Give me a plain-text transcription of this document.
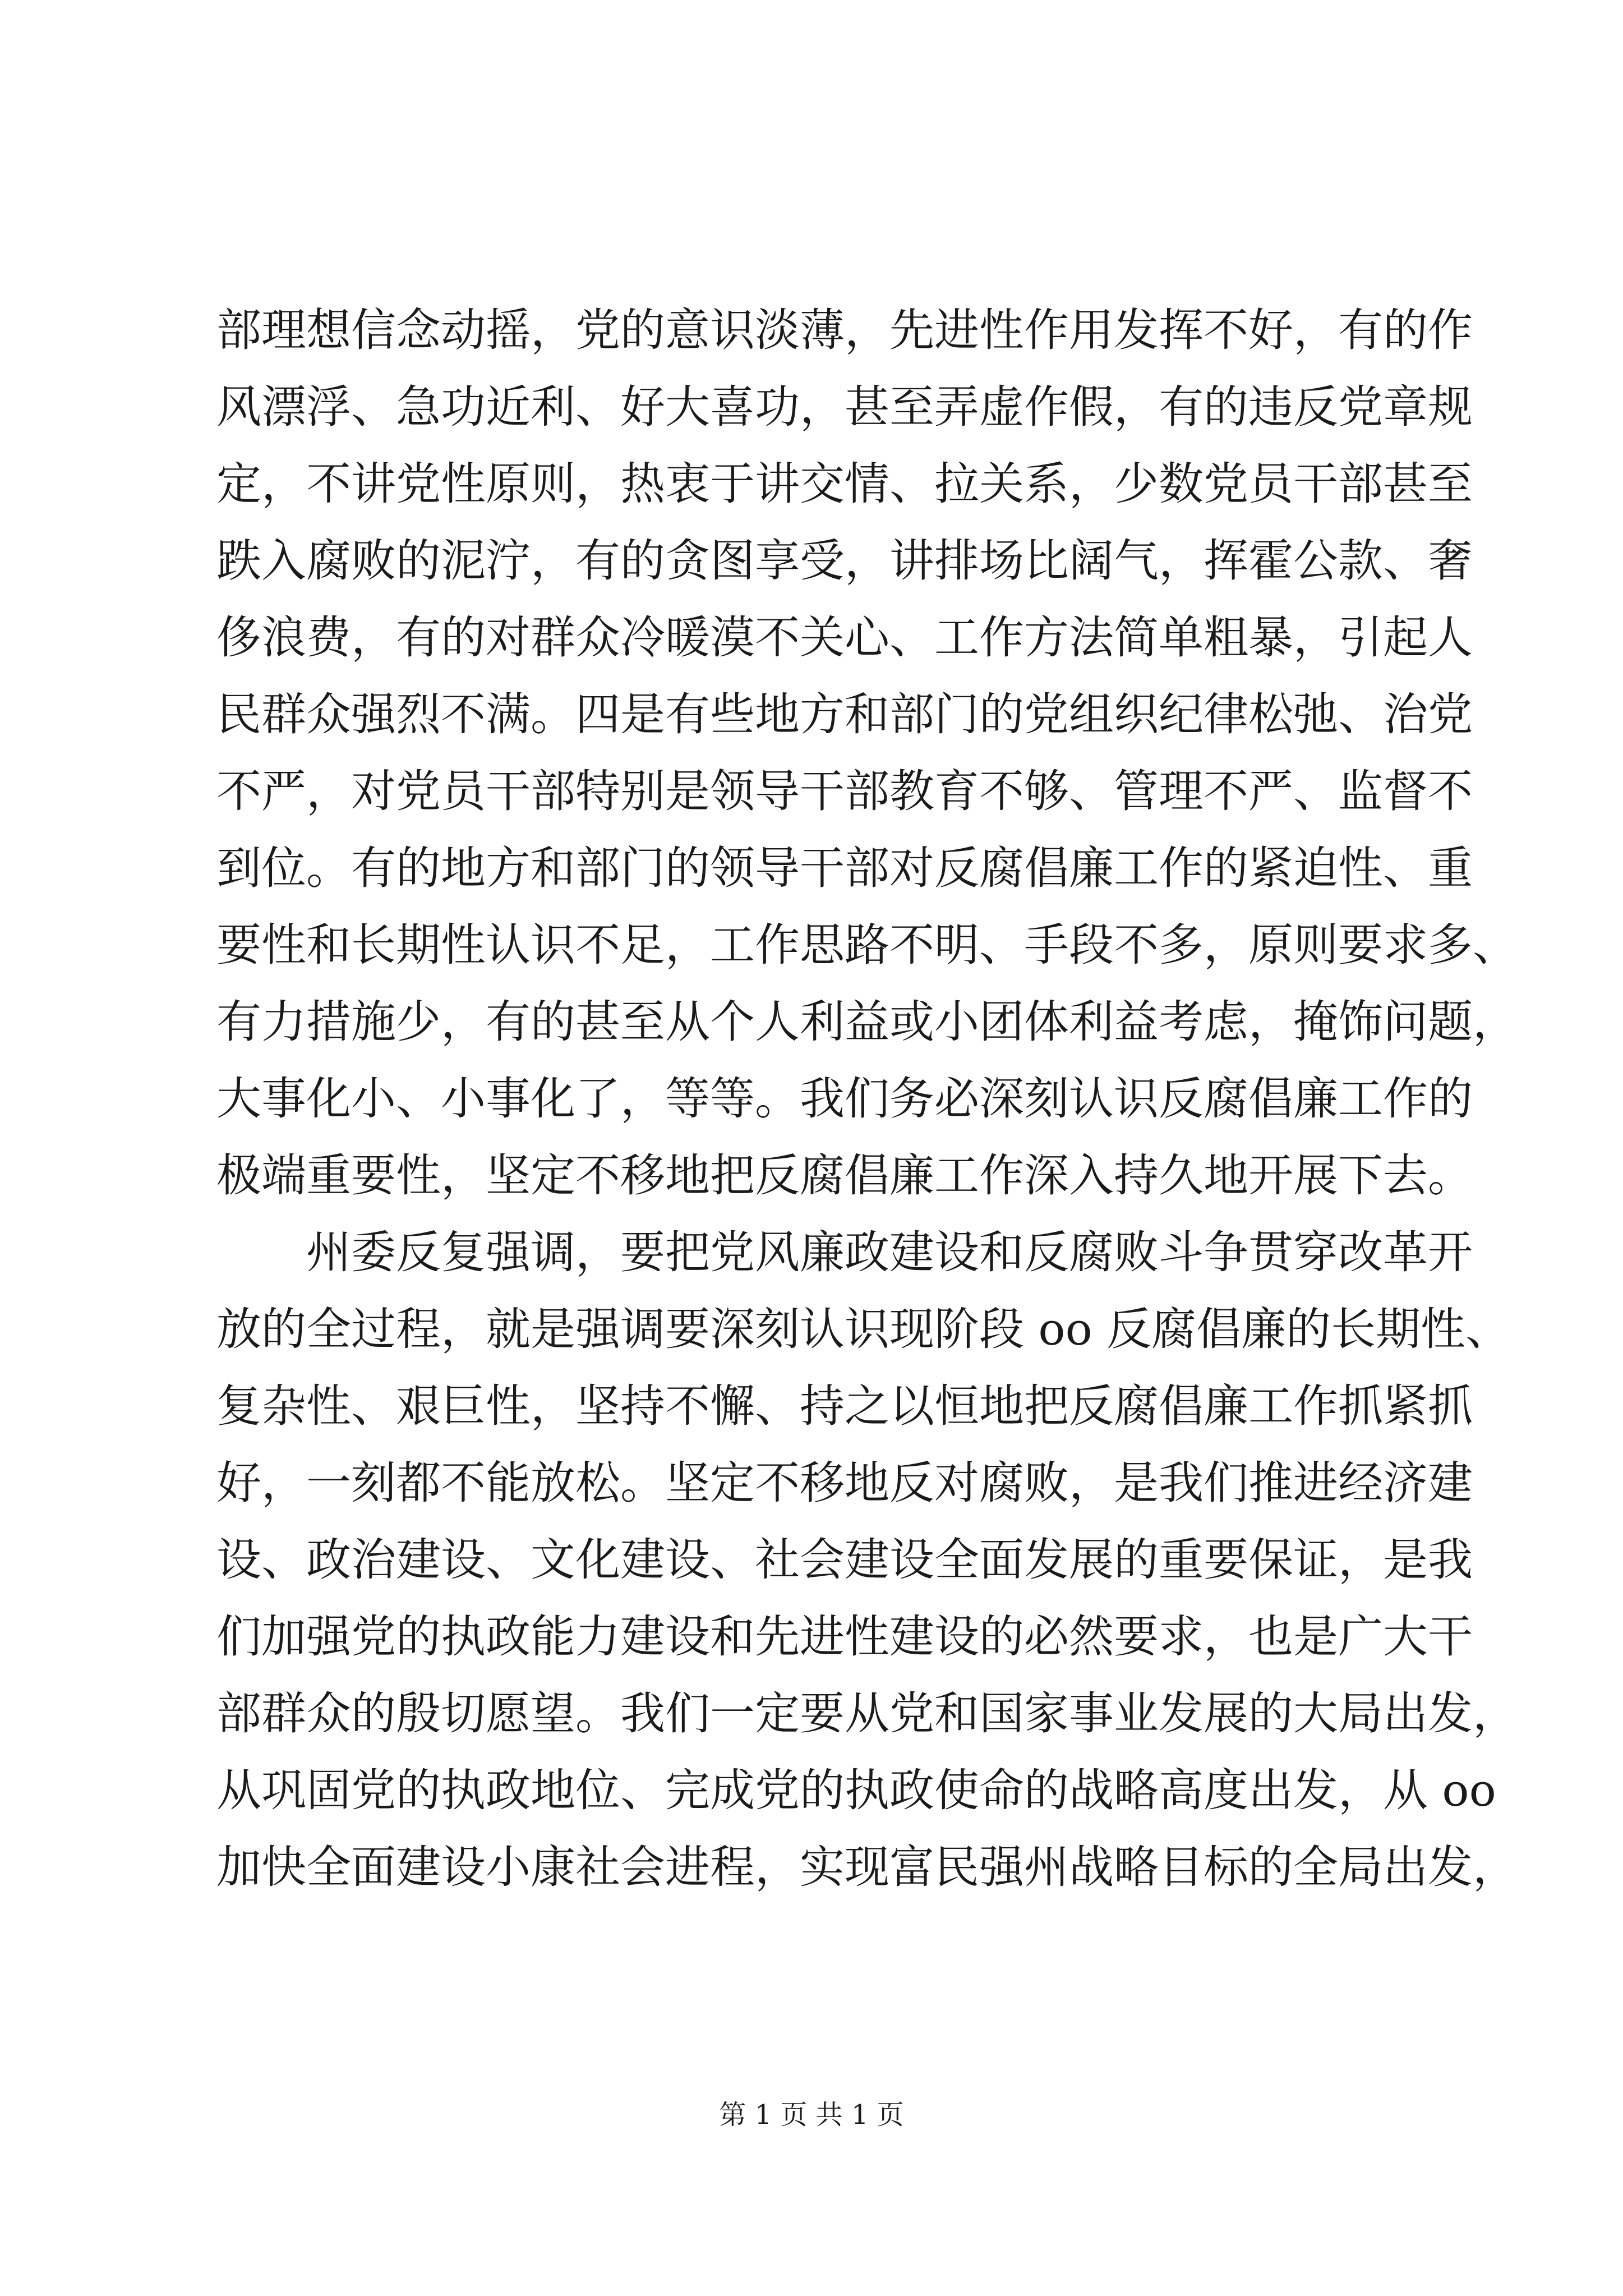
部理想信念动摇，党的意识淡薄，先进性作用发挥不好，有的作
风漂浮、急功近利、好大喜功，甚至弄虚作假，有的违反党章规
定，不讲党性原则，热衷于讲交情、拉关系，少数党员干部甚至
跌入腐败的泥泞，有的贪图享受，讲排场比阔气，挥霍公款、奢
侈浪费，有的对群众冷暖漠不关心、工作方法简单粗暴，引起人
民群众强烈不满。四是有些地方和部门的党组织纪律松弛、治党
不严，对党员干部特别是领导干部教育不够、管理不严、监督不
到位。有的地方和部门的领导干部对反腐倡廉工作的紧迫性、重
要性和长期性认识不足，工作思路不明、手段不多，原则要求多、
有力措施少，有的甚至从个人利益或小团体利益考虑，掩饰问题，
大事化小、小事化了，等等。我们务必深刻认识反腐倡廉工作的
极端重要性，坚定不移地把反腐倡廉工作深入持久地开展下去。
州委反复强调，要把党风廉政建设和反腐败斗争贯穿改革开
放的全过程，就是强调要深刻认识现阶段 oo 反腐倡廉的长期性、
复杂性、艰巨性，坚持不懈、持之以恒地把反腐倡廉工作抓紧抓
好，一刻都不能放松。坚定不移地反对腐败，是我们推进经济建
设、政治建设、文化建设、社会建设全面发展的重要保证，是我
们加强党的执政能力建设和先进性建设的必然要求，也是广大干
部群众的殷切愿望。我们一定要从党和国家事业发展的大局出发，
从巩固党的执政地位、完成党的执政使命的战略高度出发，从 oo
加快全面建设小康社会进程，实现富民强州战略目标的全局出发，
第 1 页 共 1 页
